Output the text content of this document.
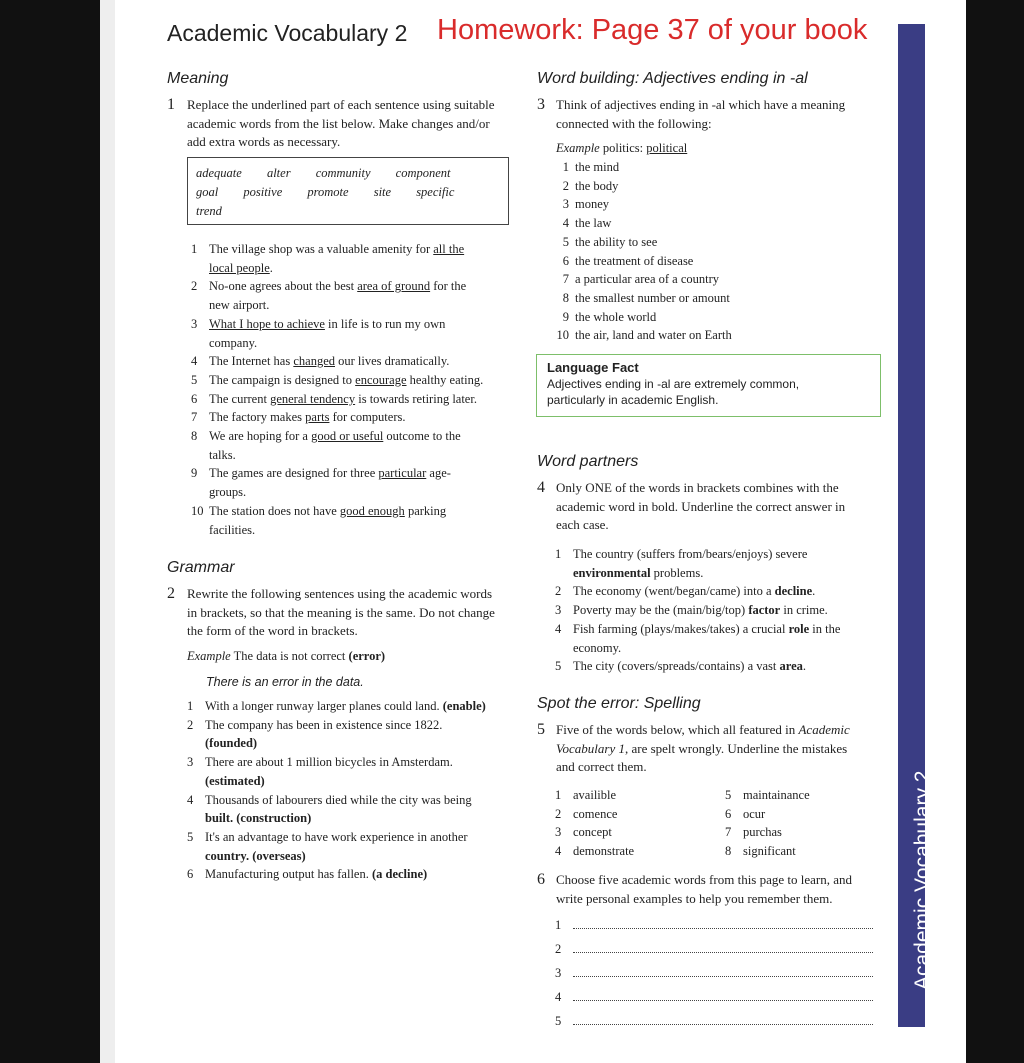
Academic Vocabulary 2 Homework: Page 37 of your book
Academic Vocabulary 2
Meaning
1 Replace the underlined part of each sentence using suitable
academic words from the list below. Make changes and/or
add extra words as necessary.
adequate alter community component
goal positive promote site specific
trend
1 The village shop was a valuable amenity for all the
local people.
2 No-one agrees about the best area of ground for the
new airport.
3 What I hope to achieve in life is to run my own
company.
4 The Internet has changed our lives dramatically.
5 The campaign is designed to encourage healthy eating.
6 The current general tendency is towards retiring later.
7 The factory makes parts for computers.
8 We are hoping for a good or useful outcome to the
talks.
9 The games are designed for three particular age-
groups.
10 The station does not have good enough parking
facilities.
Grammar
2 Rewrite the following sentences using the academic words
in brackets, so that the meaning is the same. Do not change
the form of the word in brackets.
Example The data is not correct (error)
There is an error in the data.
1 With a longer runway larger planes could land. (enable)
2 The company has been in existence since 1822.
(founded)
3 There are about 1 million bicycles in Amsterdam.
(estimated)
4 Thousands of labourers died while the city was being
built. (construction)
5 It's an advantage to have work experience in another
country. (overseas)
6 Manufacturing output has fallen. (a decline)
Word building: Adjectives ending in -al
3 Think of adjectives ending in -al which have a meaning
connected with the following:
Example politics: political
1 the mind
2 the body
3 money
4 the law
5 the ability to see
6 the treatment of disease
7 a particular area of a country
8 the smallest number or amount
9 the whole world
10 the air, land and water on Earth
Language Fact
Adjectives ending in -al are extremely common,
particularly in academic English.
Word partners
4 Only ONE of the words in brackets combines with the
academic word in bold. Underline the correct answer in
each case.
1 The country (suffers from/bears/enjoys) severe
environmental problems.
2 The economy (went/began/came) into a decline.
3 Poverty may be the (main/big/top) factor in crime.
4 Fish farming (plays/makes/takes) a crucial role in the
economy.
5 The city (covers/spreads/contains) a vast area.
Spot the error: Spelling
5 Five of the words below, which all featured in Academic
Vocabulary 1, are spelt wrongly. Underline the mistakes
and correct them.
1 availible
2 comence
3 concept
4 demonstrate
5 maintainance
6 ocur
7 purchas
8 significant
6 Choose five academic words from this page to learn, and
write personal examples to help you remember them.
1
2
3
4
5
